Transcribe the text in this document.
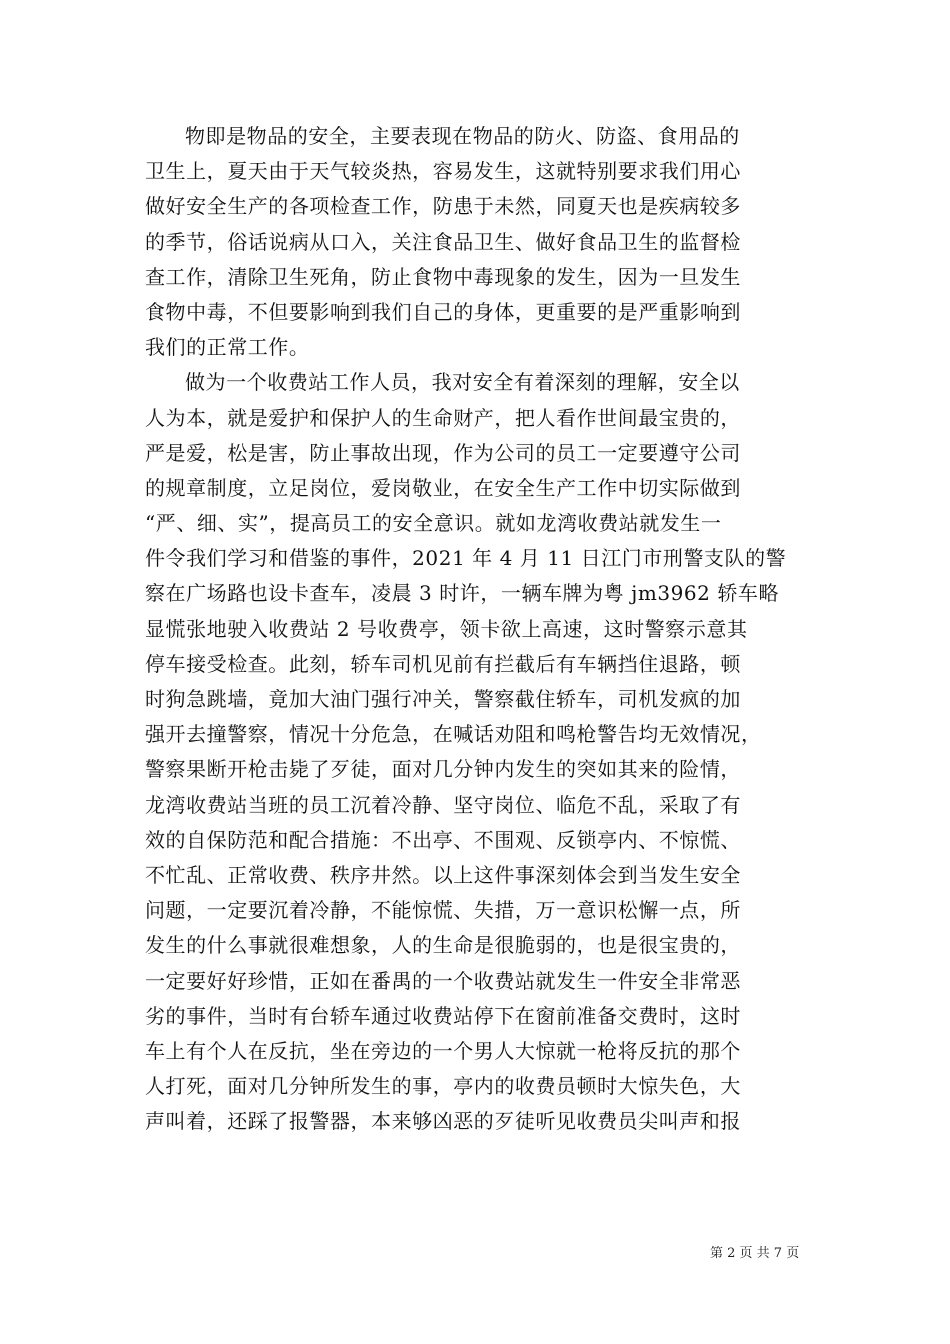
物即是物品的安全，主要表现在物品的防火、防盗、食用品的
卫生上，夏天由于天气较炎热，容易发生，这就特别要求我们用心
做好安全生产的各项检查工作，防患于未然，同夏天也是疾病较多
的季节，俗话说病从口入，关注食品卫生、做好食品卫生的监督检
查工作，清除卫生死角，防止食物中毒现象的发生，因为一旦发生
食物中毒，不但要影响到我们自己的身体，更重要的是严重影响到
我们的正常工作。
做为一个收费站工作人员，我对安全有着深刻的理解，安全以
人为本，就是爱护和保护人的生命财产，把人看作世间最宝贵的，
严是爱，松是害，防止事故出现，作为公司的员工一定要遵守公司
的规章制度，立足岗位，爱岗敬业，在安全生产工作中切实际做到
“严、细、实”，提高员工的安全意识。就如龙湾收费站就发生一
件令我们学习和借鉴的事件，2021 年 4 月 11 日江门市刑警支队的警
察在广场路也设卡查车，凌晨 3 时许，一辆车牌为粤 jm3962 轿车略
显慌张地驶入收费站 2 号收费亭，领卡欲上高速，这时警察示意其
停车接受检查。此刻，轿车司机见前有拦截后有车辆挡住退路，顿
时狗急跳墙，竟加大油门强行冲关，警察截住轿车，司机发疯的加
强开去撞警察，情况十分危急，在喊话劝阻和鸣枪警告均无效情况，
警察果断开枪击毙了歹徒，面对几分钟内发生的突如其来的险情，
龙湾收费站当班的员工沉着冷静、坚守岗位、临危不乱，采取了有
效的自保防范和配合措施：不出亭、不围观、反锁亭内、不惊慌、
不忙乱、正常收费、秩序井然。以上这件事深刻体会到当发生安全
问题，一定要沉着冷静，不能惊慌、失措，万一意识松懈一点，所
发生的什么事就很难想象，人的生命是很脆弱的，也是很宝贵的，
一定要好好珍惜，正如在番禺的一个收费站就发生一件安全非常恶
劣的事件，当时有台轿车通过收费站停下在窗前准备交费时，这时
车上有个人在反抗，坐在旁边的一个男人大惊就一枪将反抗的那个
人打死，面对几分钟所发生的事，亭内的收费员顿时大惊失色，大
声叫着，还踩了报警器，本来够凶恶的歹徒听见收费员尖叫声和报
第 2 页 共 7 页
